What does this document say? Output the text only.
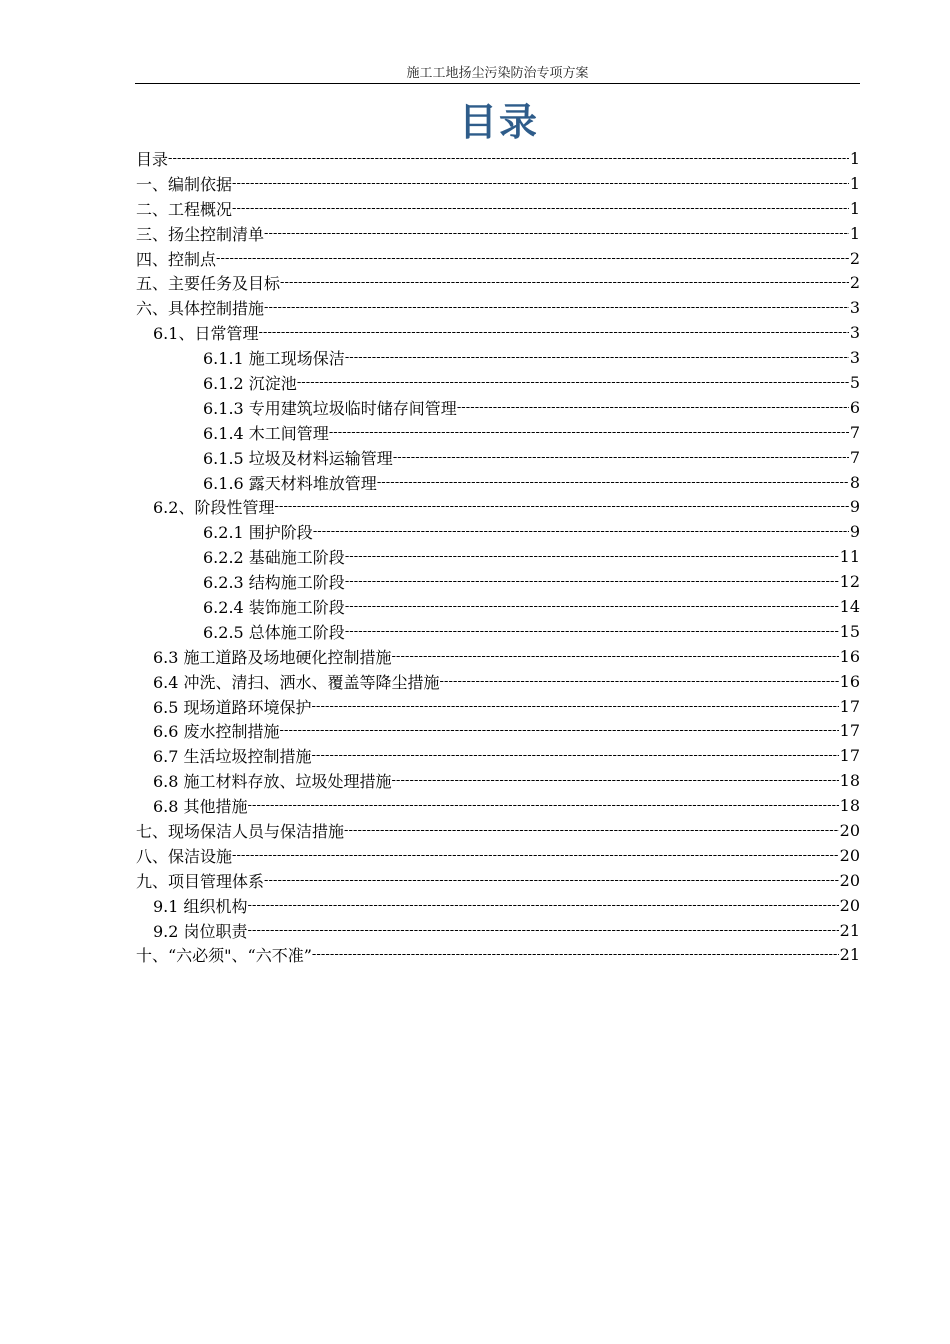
施工工地扬尘污染防治专项方案
目录
目录 -----	1
一、编制依据 -----	1
二、工程概况 -----	1
三、扬尘控制清单 -----	1
四、控制点 -----	2
五、主要任务及目标 -----	2
六、具体控制措施 -----	3
6.1、日常管理 -----	3
6.1.1 施工现场保洁 -----	3
6.1.2 沉淀池 -----	5
6.1.3 专用建筑垃圾临时储存间管理 -----	6
6.1.4 木工间管理 -----	7
6.1.5 垃圾及材料运输管理 -----	7
6.1.6 露天材料堆放管理 -----	8
6.2、阶段性管理 -----	9
6.2.1 围护阶段 -----	9
6.2.2 基础施工阶段 -----	11
6.2.3 结构施工阶段 -----	12
6.2.4 装饰施工阶段 -----	14
6.2.5 总体施工阶段 -----	15
6.3 施工道路及场地硬化控制措施 -----	16
6.4 冲洗、清扫、洒水、覆盖等降尘措施 -----	16
6.5 现场道路环境保护 -----	17
6.6 废水控制措施 -----	17
6.7 生活垃圾控制措施 -----	17
6.8 施工材料存放、垃圾处理措施 -----	18
6.8 其他措施 -----	18
七、现场保洁人员与保洁措施 -----	20
八、保洁设施 -----	20
九、项目管理体系 -----	20
9.1 组织机构 -----	20
9.2 岗位职责 -----	21
十、“六必须"、“六不准” -----	21
